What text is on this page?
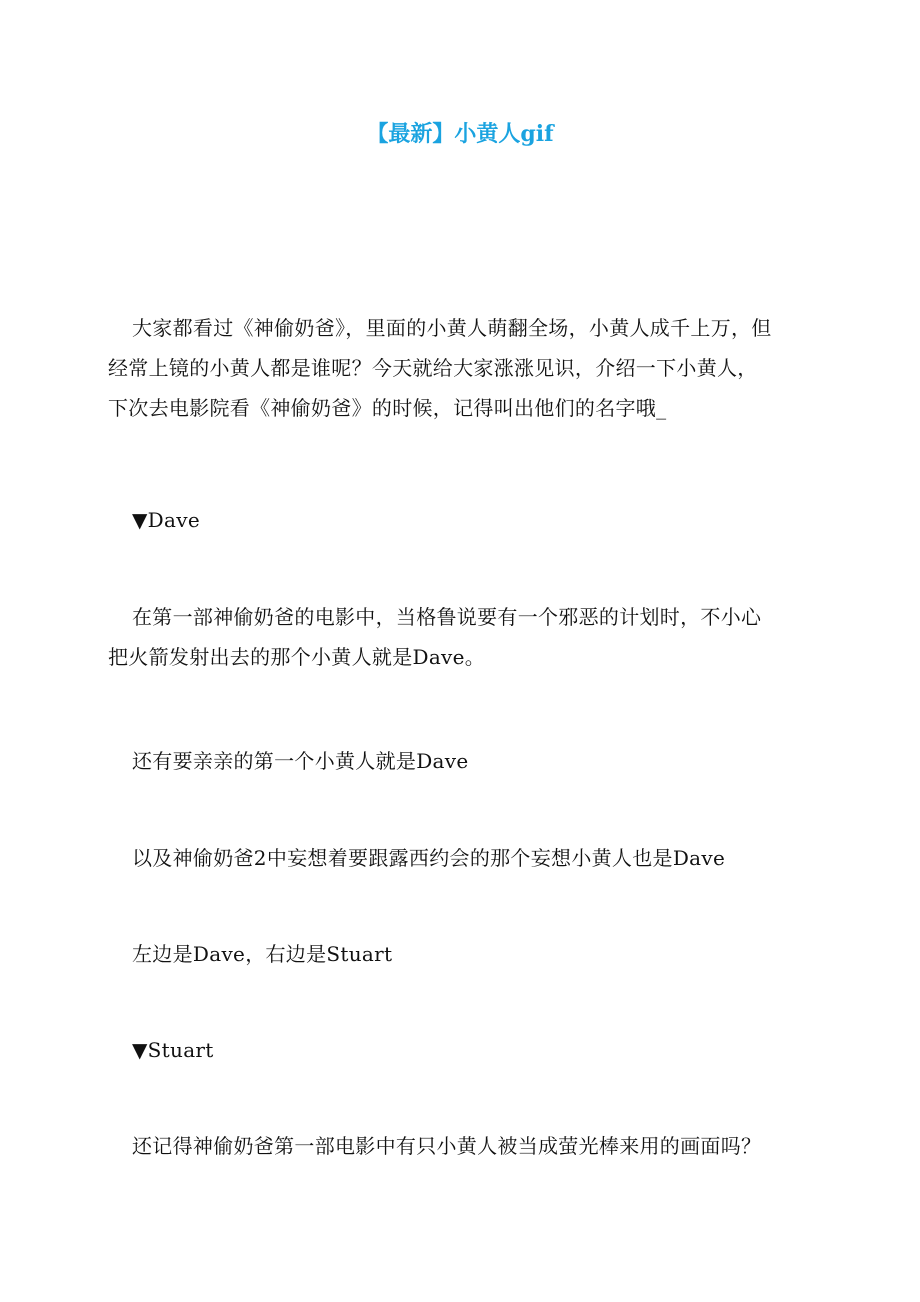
【最新】小黄人gif

大家都看过《神偷奶爸》，里面的小黄人萌翻全场，小黄人成千上万，但
经常上镜的小黄人都是谁呢？今天就给大家涨涨见识，介绍一下小黄人，
下次去电影院看《神偷奶爸》的时候，记得叫出他们的名字哦_

▼Dave

在第一部神偷奶爸的电影中，当格鲁说要有一个邪恶的计划时，不小心
把火箭发射出去的那个小黄人就是Dave。

还有要亲亲的第一个小黄人就是Dave

以及神偷奶爸2中妄想着要跟露西约会的那个妄想小黄人也是Dave

左边是Dave，右边是Stuart

▼Stuart

还记得神偷奶爸第一部电影中有只小黄人被当成萤光棒来用的画面吗？
